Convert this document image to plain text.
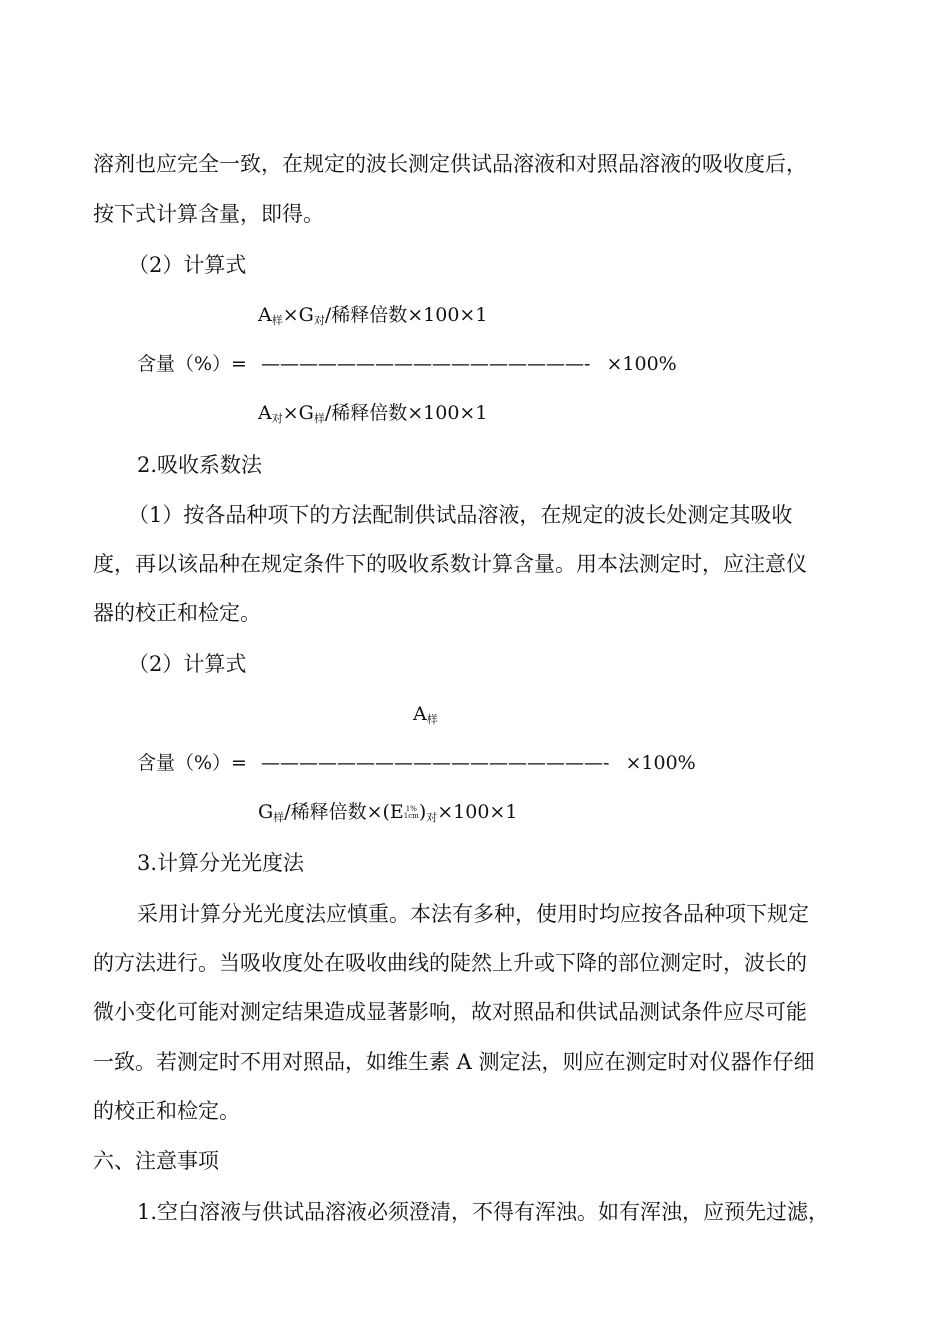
溶剂也应完全一致，在规定的波长测定供试品溶液和对照品溶液的吸收度后，

按下式计算含量，即得。

（2）计算式

$A_样\times G_对/$稀释倍数×100×1
含量（%）= —————————————————- ×100%
$A_对\times G_样/$稀释倍数×100×1

2.吸收系数法

（1）按各品种项下的方法配制供试品溶液，在规定的波长处测定其吸收

度，再以该品种在规定条件下的吸收系数计算含量。用本法测定时，应注意仪

器的校正和检定。

（2）计算式

$A_样$
含量（%）= ——————————————————- ×100%
$G_样/$稀释倍数×(E 1%
$1cm)_对\times 100\times 1$

3.计算分光光度法

采用计算分光光度法应慎重。本法有多种，使用时均应按各品种项下规定

的方法进行。当吸收度处在吸收曲线的陡然上升或下降的部位测定时，波长的

微小变化可能对测定结果造成显著影响，故对照品和供试品测试条件应尽可能

一致。若测定时不用对照品，如维生素 A 测定法，则应在测定时对仪器作仔细

的校正和检定。

六、注意事项

1.空白溶液与供试品溶液必须澄清，不得有浑浊。如有浑浊，应预先过滤，
